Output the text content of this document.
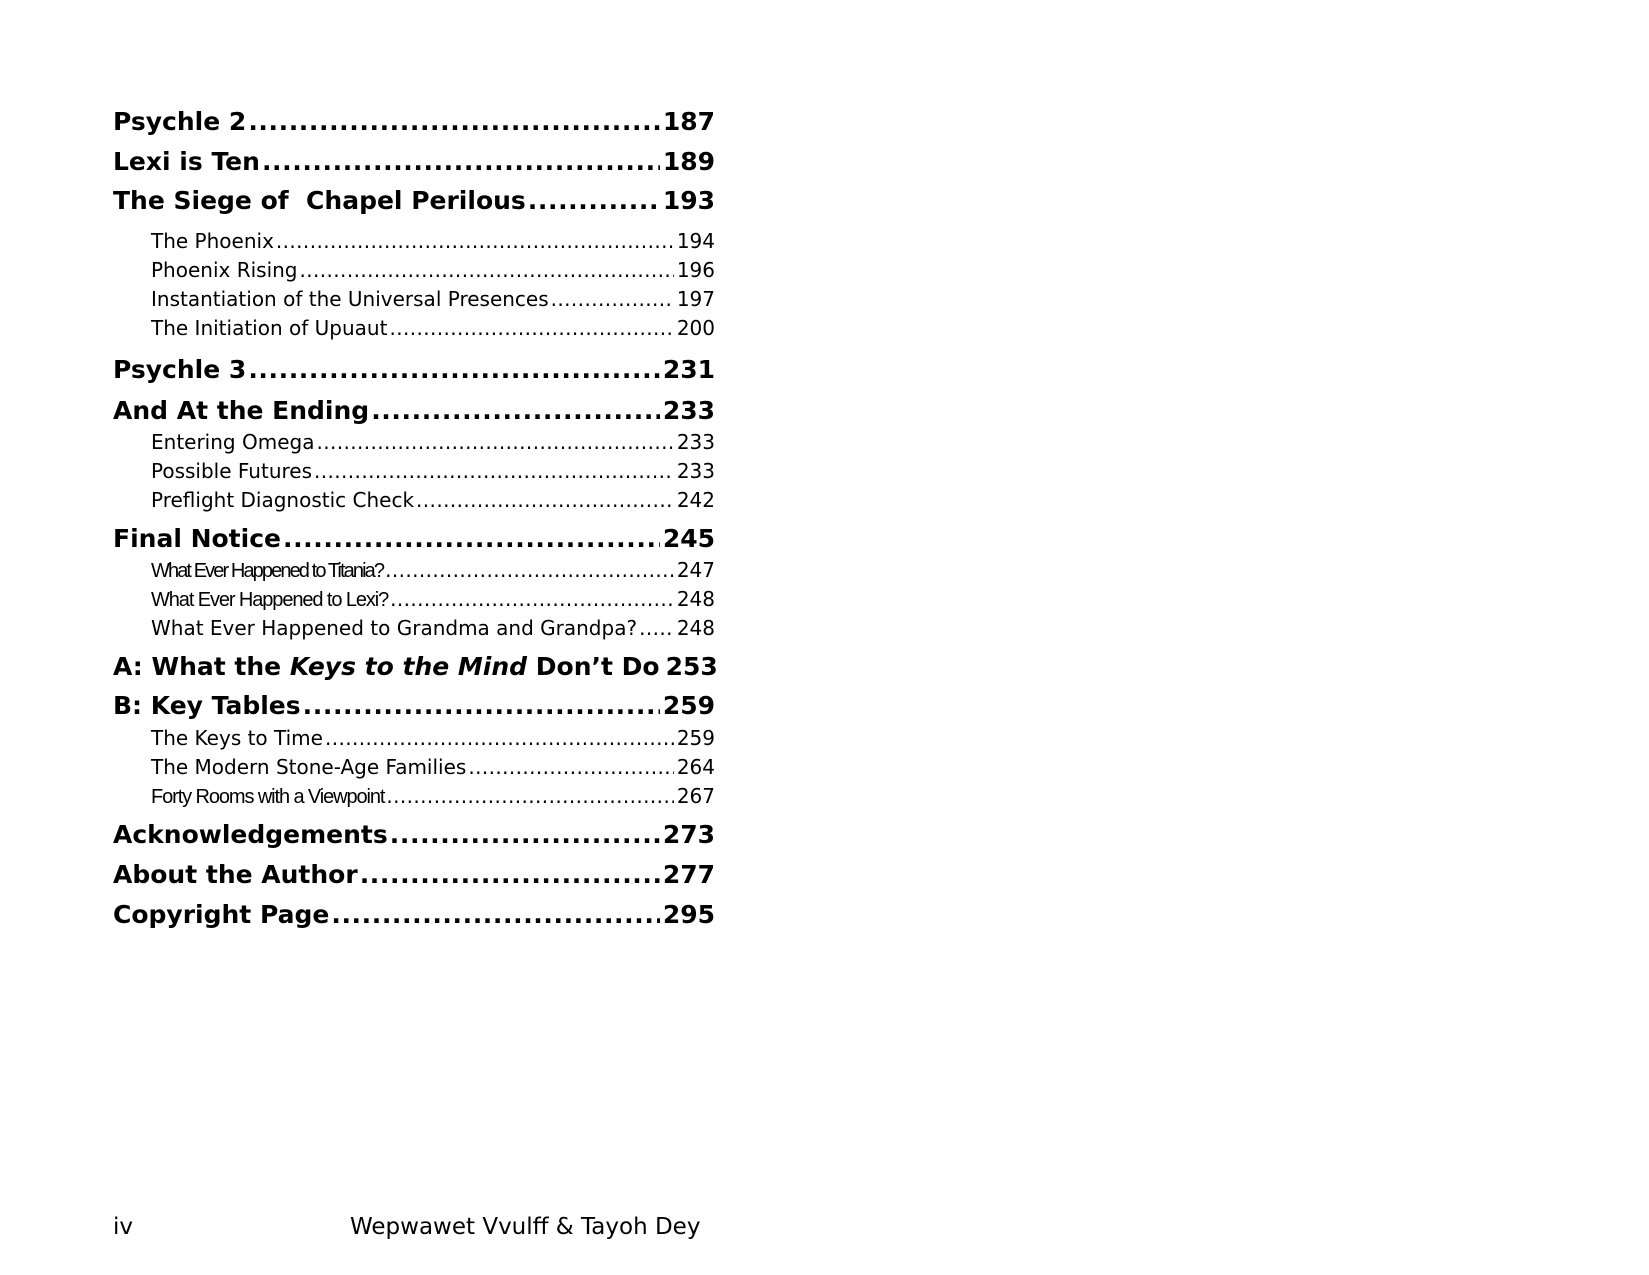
Psychle 2 .....	187
Lexi is Ten .....	189
The Siege of  Chapel Perilous .....	193
The Phoenix .....	194
Phoenix Rising .....	196
Instantiation of the Universal Presences .....	197
The Initiation of Upuaut .....	200
Psychle 3 .....	231
And At the Ending .....	233
Entering Omega .....	233
Possible Futures .....	233
Preflight Diagnostic Check .....	242
Final Notice .....	245
What Ever Happened to Titania? .....	247
What Ever Happened to Lexi? .....	248
What Ever Happened to Grandma and Grandpa? ..... 248
A: What the Keys to the Mind Don’t Do 253
B: Key Tables .....	259
The Keys to Time .....	259
The Modern Stone-Age Families .....	264
Forty Rooms with a Viewpoint .....	267
Acknowledgements .....	273
About the Author .....	277
Copyright Page .....	295
iv	Wepwawet Vvulff & Tayoh Dey
